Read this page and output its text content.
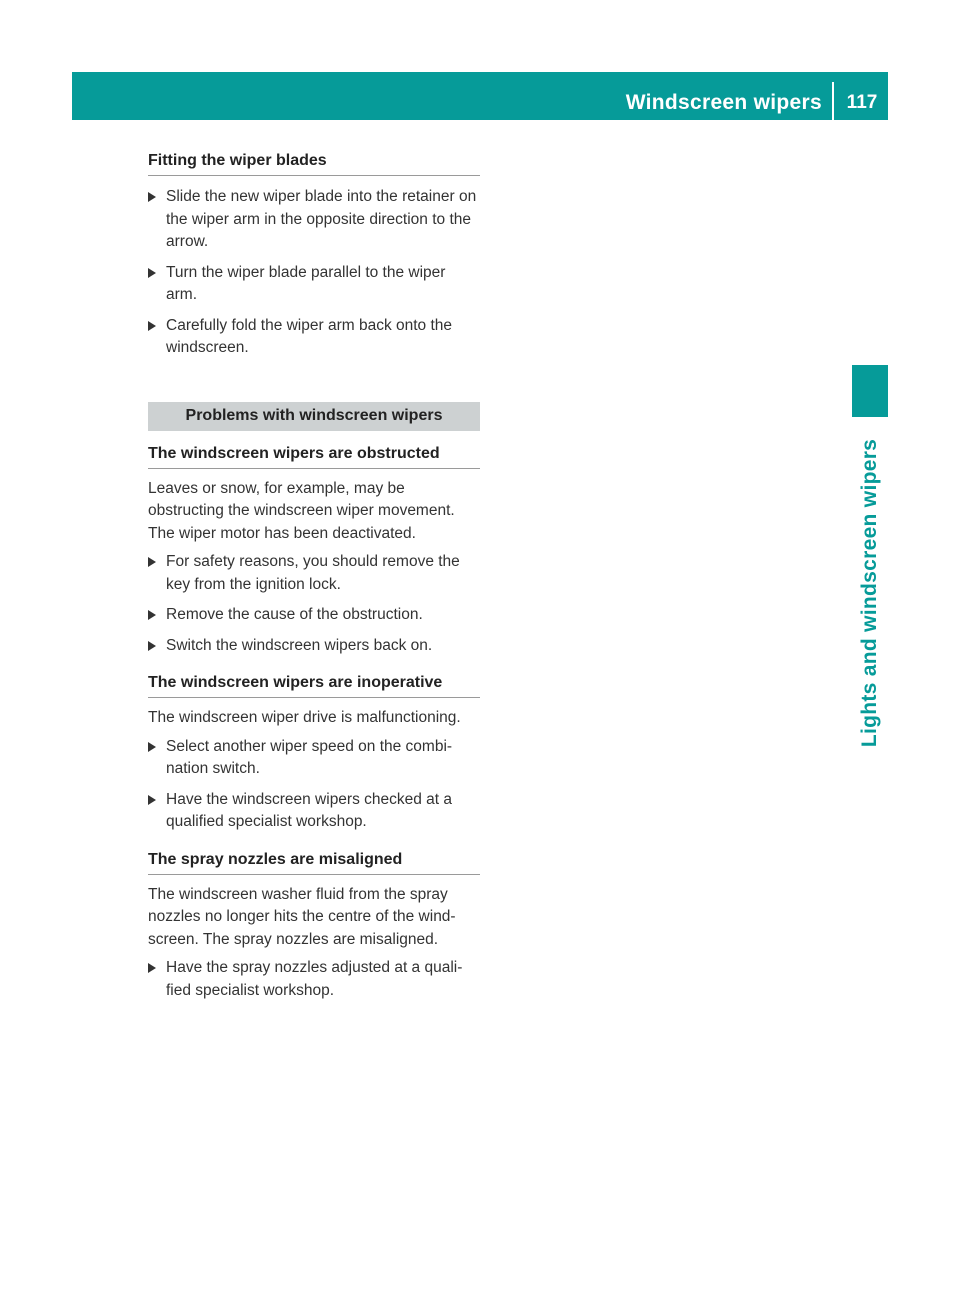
Windscreen wipers	117
Lights and windscreen wipers
Fitting the wiper blades
Slide the new wiper blade into the retainer on the wiper arm in the opposite direction to the arrow.
Turn the wiper blade parallel to the wiper arm.
Carefully fold the wiper arm back onto the windscreen.
Problems with windscreen wipers
The windscreen wipers are obstructed

Leaves or snow, for example, may be obstructing the windscreen wiper movement. The wiper motor has been deactivated.

For safety reasons, you should remove the key from the ignition lock.
Remove the cause of the obstruction.
Switch the windscreen wipers back on.
The windscreen wipers are inoperative

The windscreen wiper drive is malfunctioning.

Select another wiper speed on the combi-nation switch.
Have the windscreen wipers checked at a qualified specialist workshop.
The spray nozzles are misaligned

The windscreen washer fluid from the spray nozzles no longer hits the centre of the wind-screen. The spray nozzles are misaligned.

Have the spray nozzles adjusted at a quali-fied specialist workshop.
